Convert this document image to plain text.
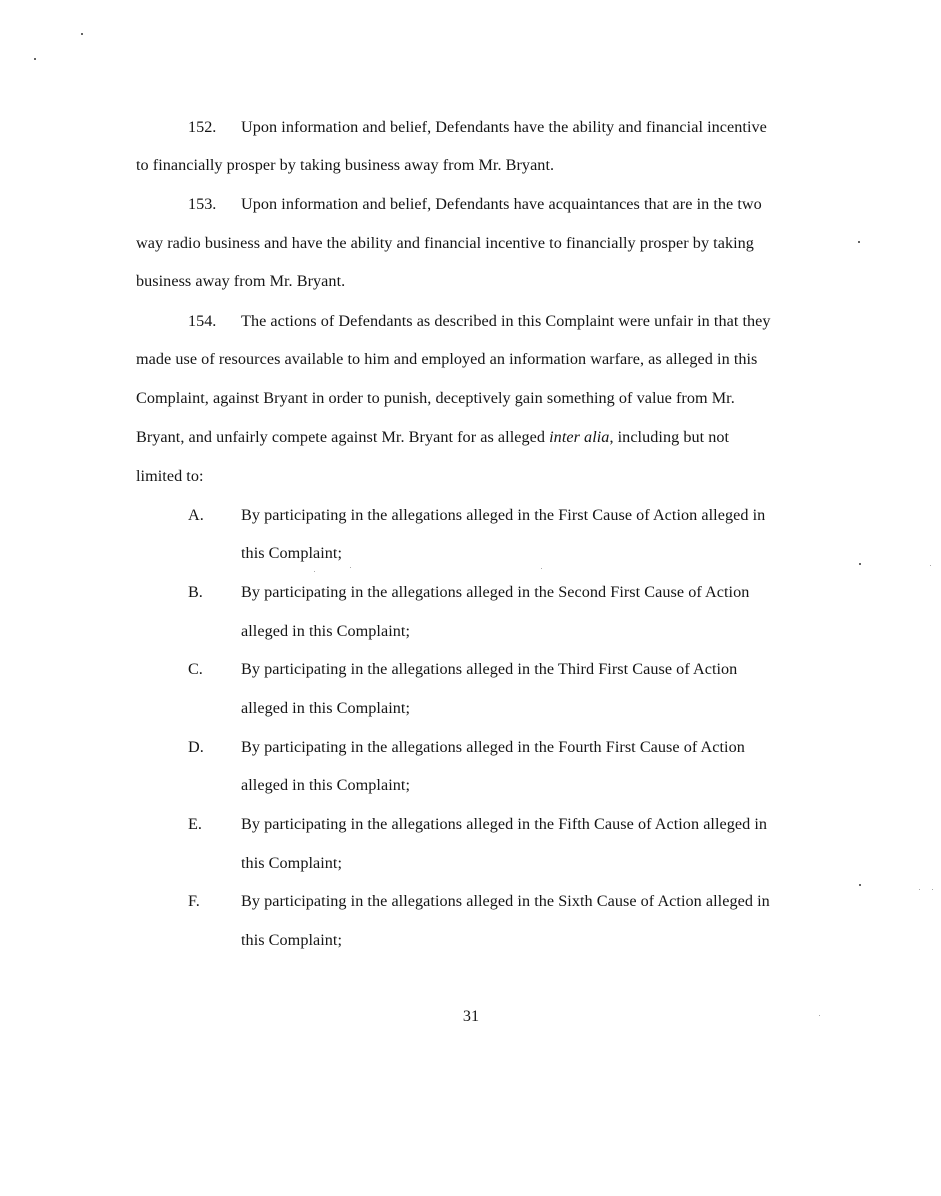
152. Upon information and belief, Defendants have the ability and financial incentive
to financially prosper by taking business away from Mr. Bryant.
153. Upon information and belief, Defendants have acquaintances that are in the two
way radio business and have the ability and financial incentive to financially prosper by taking
business away from Mr. Bryant.
154. The actions of Defendants as described in this Complaint were unfair in that they
made use of resources available to him and employed an information warfare, as alleged in this
Complaint, against Bryant in order to punish, deceptively gain something of value from Mr.
Bryant, and unfairly compete against Mr. Bryant for as alleged inter alia, including but not
limited to:
A. By participating in the allegations alleged in the First Cause of Action alleged in
this Complaint;
B. By participating in the allegations alleged in the Second First Cause of Action
alleged in this Complaint;
C. By participating in the allegations alleged in the Third First Cause of Action
alleged in this Complaint;
D. By participating in the allegations alleged in the Fourth First Cause of Action
alleged in this Complaint;
E. By participating in the allegations alleged in the Fifth Cause of Action alleged in
this Complaint;
F.	By participating in the allegations alleged in the Sixth Cause of Action alleged in
this Complaint;
31
